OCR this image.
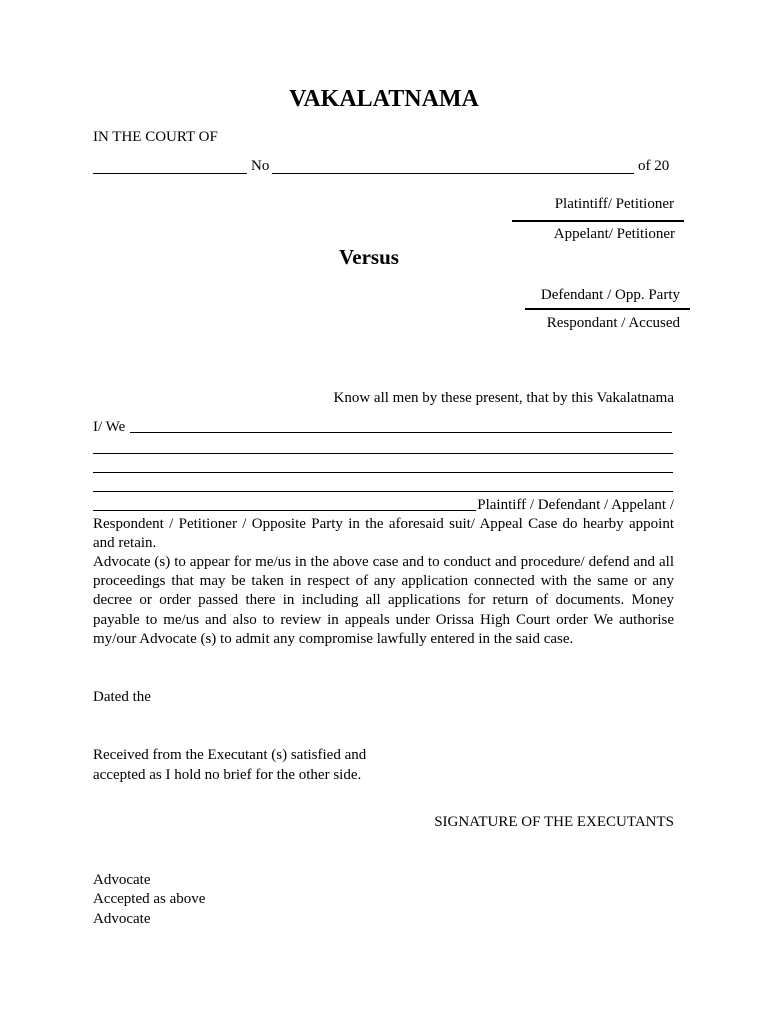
VAKALATNAMA
IN THE COURT OF
No	of 20
Platintiff/ Petitioner
Appelant/ Petitioner
Versus
Defendant / Opp. Party
Respondant / Accused
Know all men by these present, that by this Vakalatnama
I/ We
Plaintiff / Defendant / Appelant /
Respondent / Petitioner / Opposite Party in the aforesaid suit/ Appeal Case do hearby appoint and retain.
Advocate (s) to appear for me/us in the above case and to conduct and procedure/ defend and all proceedings that may be taken in respect of any application connected with the same or any decree or order passed there in including all applications for return of documents. Money payable to me/us and also to review in appeals under Orissa High Court order We authorise my/our Advocate (s) to admit any compromise lawfully entered in the said case.
Dated the
Received from the Executant (s) satisfied and
accepted as I hold no brief for the other side.
SIGNATURE OF THE EXECUTANTS
Advocate
Accepted as above
Advocate
